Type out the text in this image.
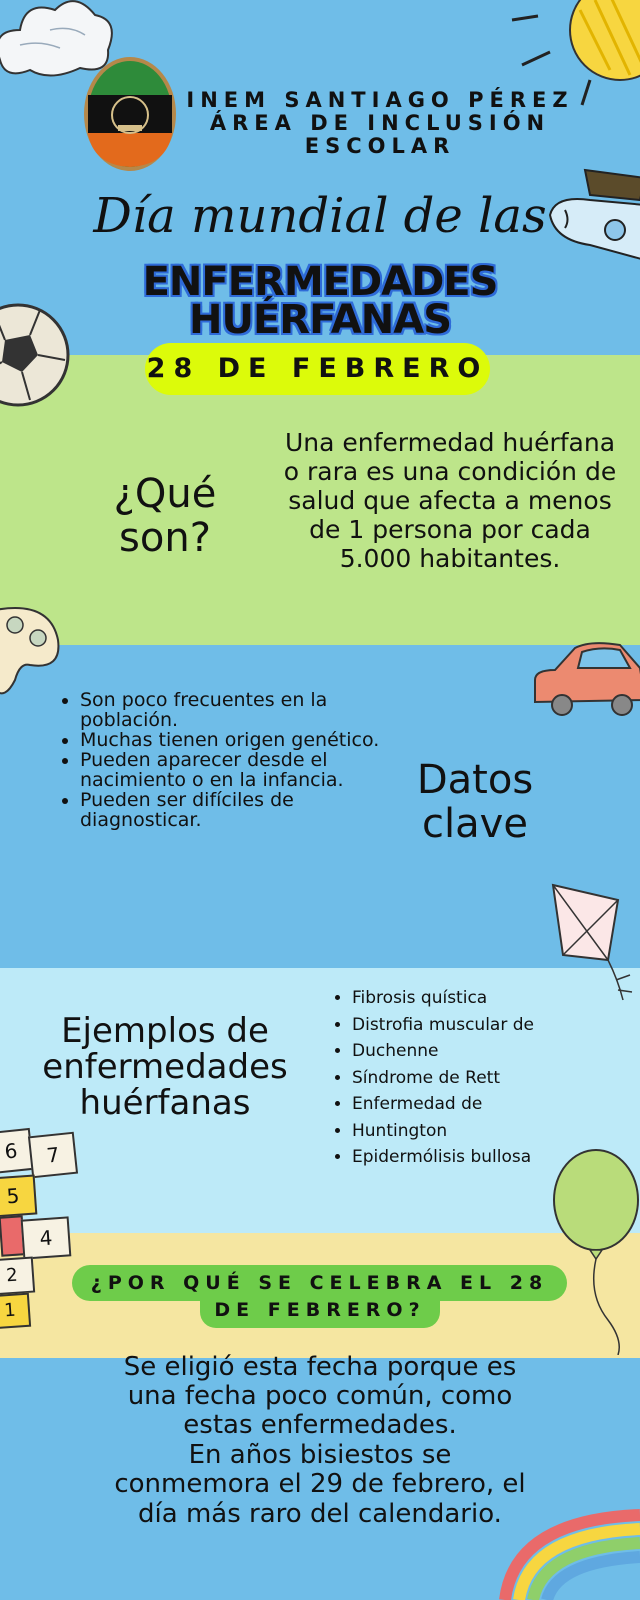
INEM SANTIAGO PÉREZ
ÁREA DE INCLUSIÓN
ESCOLAR
Día mundial de las
ENFERMEDADES
HUÉRFANAS
28 DE FEBRERO
¿Qué
son?
Una enfermedad huérfana o rara es una condición de salud que afecta a menos de 1 persona por cada 5.000 habitantes.
• Son poco frecuentes en la población.
• Muchas tienen origen genético.
• Pueden aparecer desde el nacimiento o en la infancia.
• Pueden ser difíciles de diagnosticar.
Datos
clave
Ejemplos de enfermedades huérfanas
• Fibrosis quística
• Distrofia muscular de
• Duchenne
• Síndrome de Rett
• Enfermedad de
• Huntington
• Epidermólisis bullosa
6	7
5
4
2
1
¿POR QUÉ SE CELEBRA EL 28
DE FEBRERO?
Se eligió esta fecha porque es
una fecha poco común, como
estas enfermedades.
En años bisiestos se
conmemora el 29 de febrero, el
día más raro del calendario.
